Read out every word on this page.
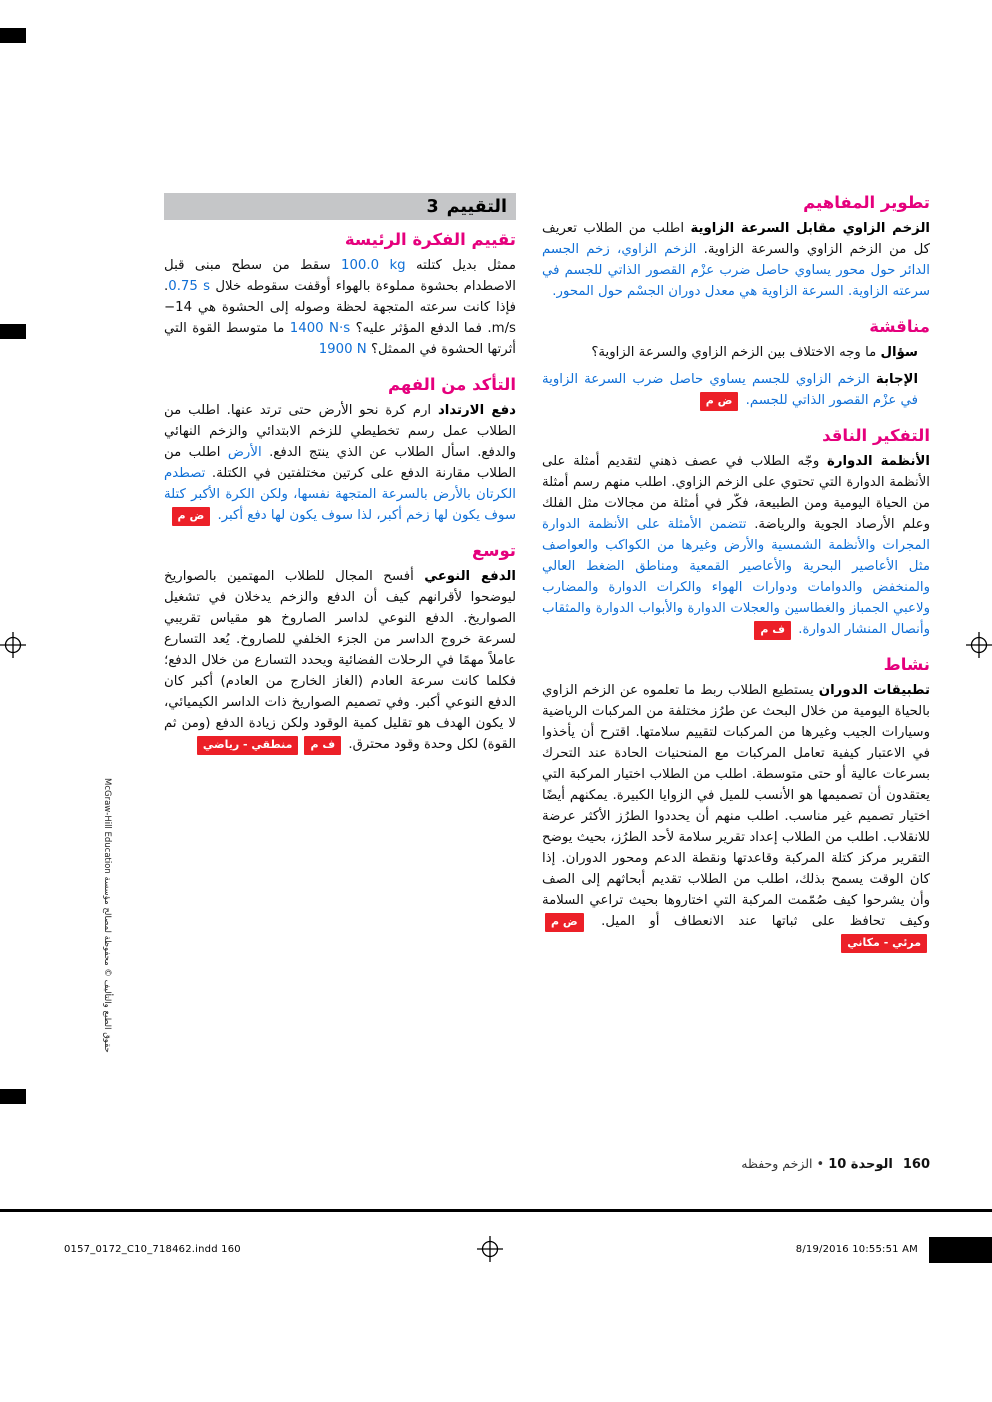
0157_0172_C10_718462.indd 160	8/19/2016 10:55:51 AM
حقوق الطبع والتأليف © محفوظة لمصالح مؤسسة McGraw-Hill Education
تطوير المفاهيم

الزخم الزاوي مقابل السرعة الزاوية اطلب من الطلاب تعريف كل من الزخم الزاوي والسرعة الزاوية. الزخم الزاوي، زخم الجسم الدائر حول محور يساوي حاصل ضرب عزْم القصور الذاتي للجسم في سرعته الزاوية. السرعة الزاوية هي معدل دوران الجسْم حول المحور.

مناقشة

سؤال ما وجه الاختلاف بين الزخم الزاوي والسرعة الزاوية؟

الإجابة الزخم الزاوي للجسم يساوي حاصل ضرب السرعة الزاوية في عزْم القصور الذاتي للجسم. ض م

التفكير الناقد

الأنظمة الدوارة وجّه الطلاب في عصف ذهني لتقديم أمثلة على الأنظمة الدوارة التي تحتوي على الزخم الزاوي. اطلب منهم رسم أمثلة من الحياة اليومية ومن الطبيعة، فكّر في أمثلة من مجالات مثل الفلك وعلم الأرصاد الجوية والرياضة. تتضمن الأمثلة على الأنظمة الدوارة المجرات والأنظمة الشمسية والأرض وغيرها من الكواكب والعواصف مثل الأعاصير البحرية والأعاصير القمعية ومناطق الضغط العالي والمنخفض والدوامات ودوارات الهواء والكرات الدوارة والمضارب ولاعبي الجمباز والغطاسين والعجلات الدوارة والأبواب الدوارة والمثقاب وأنصال المنشار الدوارة. ف م

نشاط

تطبيقات الدوران يستطيع الطلاب ربط ما تعلموه عن الزخم الزاوي بالحياة اليومية من خلال البحث عن طرُز مختلفة من المركبات الرياضية وسيارات الجيب وغيرها من المركبات لتقييم سلامتها. اقترح أن يأخذوا في الاعتبار كيفية تعامل المركبات مع المنحنيات الحادة عند التحرك بسرعات عالية أو حتى متوسطة. اطلب من الطلاب اختيار المركبة التي يعتقدون أن تصميمها هو الأنسب للميل في الزوايا الكبيرة. يمكنهم أيضًا اختيار تصميم غير مناسب. اطلب منهم أن يحددوا الطرُز الأكثر عرضة للانقلاب. اطلب من الطلاب إعداد تقرير سلامة لأحد الطرُز، بحيث يوضح التقرير مركز كتلة المركبة وقاعدتها ونقطة الدعم ومحور الدوران. إذا كان الوقت يسمح بذلك، اطلب من الطلاب تقديم أبحاثهم إلى الصف وأن يشرحوا كيف صُمّمت المركبة التي اختاروها بحيث تراعي السلامة وكيف تحافظ على ثباتها عند الانعطاف أو الميل. ض ممرئي - مكاني

3 التقييم
تقييم الفكرة الرئيسة

ممثل بديل كتلته 100.0 kg سقط من سطح مبنى قبل الاصطدام بحشوة مملوءة بالهواء أوقفت سقوطه خلال 0.75 s. فإذا كانت سرعته المتجهة لحظة وصوله إلى الحشوة هي −14 m/s. فما الدفع المؤثر عليه؟ 1400 N·s ما متوسط القوة التي أثرتها الحشوة في الممثل؟ 1900 N

التأكد من الفهم

دفع الارتداد ارم كرة نحو الأرض حتى ترتد عنها. اطلب من الطلاب عمل رسم تخطيطي للزخم الابتدائي والزخم النهائي والدفع. اسأل الطلاب عن الذي ينتج الدفع. الأرض اطلب من الطلاب مقارنة الدفع على كرتين مختلفتين في الكتلة. تصطدم الكرتان بالأرض بالسرعة المتجهة نفسها، ولكن الكرة الأكبر كتلة سوف يكون لها زخم أكبر، لذا سوف يكون لها دفع أكبر. ض م

توسع

الدفع النوعي أفسح المجال للطلاب المهتمين بالصواريخ ليوضحوا لأقرانهم كيف أن الدفع والزخم يدخلان في تشغيل الصواريخ. الدفع النوعي لداسر الصاروخ هو مقياس تقريبي لسرعة خروج الداسر من الجزء الخلفي للصاروخ. يُعد التسارع عاملاً مهمًا في الرحلات الفضائية ويحدد التسارع من خلال الدفع؛ فكلما كانت سرعة العادم (الغاز الخارج من العادم) أكبر كان الدفع النوعي أكبر. وفي تصميم الصواريخ ذات الداسر الكيميائي، لا يكون الهدف هو تقليل كمية الوقود ولكن زيادة الدفع (ومن ثم القوة) لكل وحدة وقود محترق. ف ممنطقي - رياضي

160الوحدة 10•الزخم وحفظه
